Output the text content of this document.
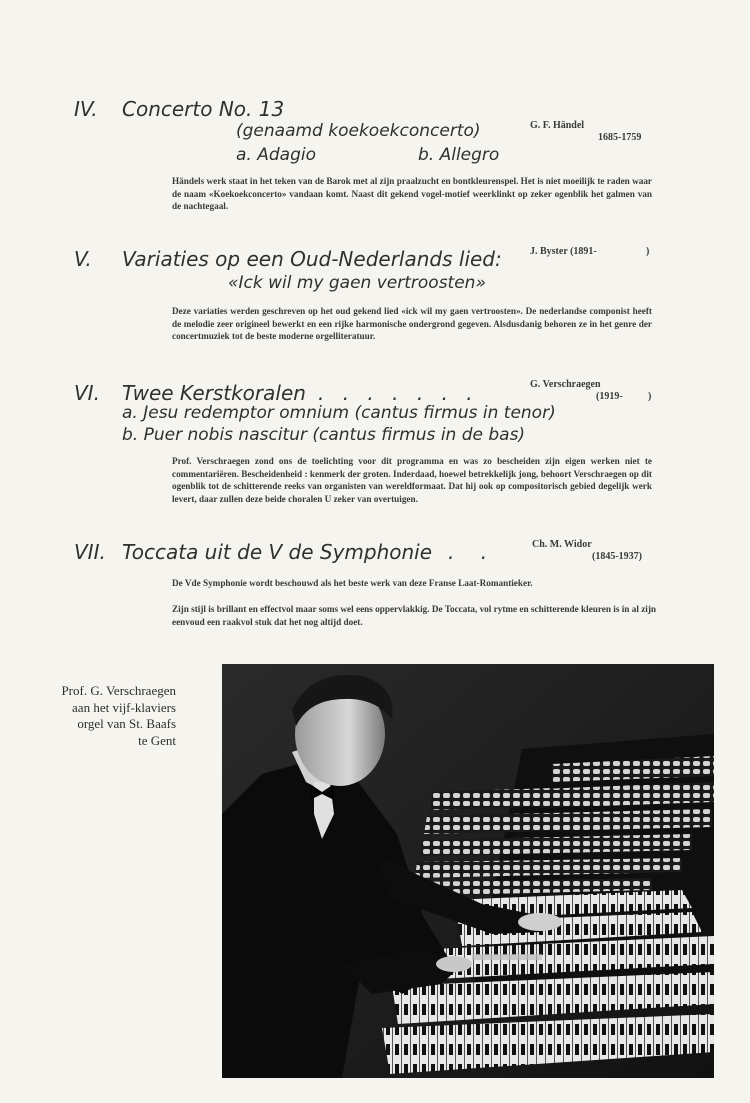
IV. Concerto No. 13
(genaamd koekoekconcerto)
a. Adagio	b. Allegro
G. F. Händel
1685-1759
Händels werk staat in het teken van de Barok met al zijn praalzucht en bontkleurenspel. Het is niet moeilijk te raden waar de naam «Koekoekconcerto» vandaan komt. Naast dit gekend vogel-motief weerklinkt op zeker ogenblik het galmen van de nachtegaal.
V. Variaties op een Oud-Nederlands lied:
«Ick wil my gaen vertroosten»
J. Byster (1891-	)
Deze variaties werden geschreven op het oud gekend lied «ick wil my gaen vertroosten». De nederlandse componist heeft de melodie zeer origineel bewerkt en een rijke harmonische ondergrond gegeven. Alsdusdanig behoren ze in het genre der concertmuziek tot de beste moderne orgelliteratuur.
VI. Twee Kerstkoralen . . . . . . .
a. Jesu redemptor omnium (cantus firmus in tenor)
b. Puer nobis nascitur (cantus firmus in de bas)
G. Verschraegen
(1919-	)
Prof. Verschraegen zond ons de toelichting voor dit programma en was zo bescheiden zijn eigen werken niet te commentariëren. Bescheidenheid : kenmerk der groten. Inderdaad, hoewel betrekkelijk jong, behoort Verschraegen op dit ogenblik tot de schitterende reeks van organisten van wereldformaat. Dat hij ook op compositorisch gebied degelijk werk levert, daar zullen deze beide choralen U zeker van overtuigen.
VII. Toccata uit de V de Symphonie . .	Ch. M. Widor
(1845-1937)
De Vde Symphonie wordt beschouwd als het beste werk van deze Franse Laat-Romantieker.
Zijn stijl is brillant en effectvol maar soms wel eens oppervlakkig. De Toccata, vol rytme en schitterende kleuren is in al zijn eenvoud een raakvol stuk dat het nog altijd doet.
Prof. G. Verschraegen
aan het vijf-klaviers
orgel van St. Baafs
te Gent
